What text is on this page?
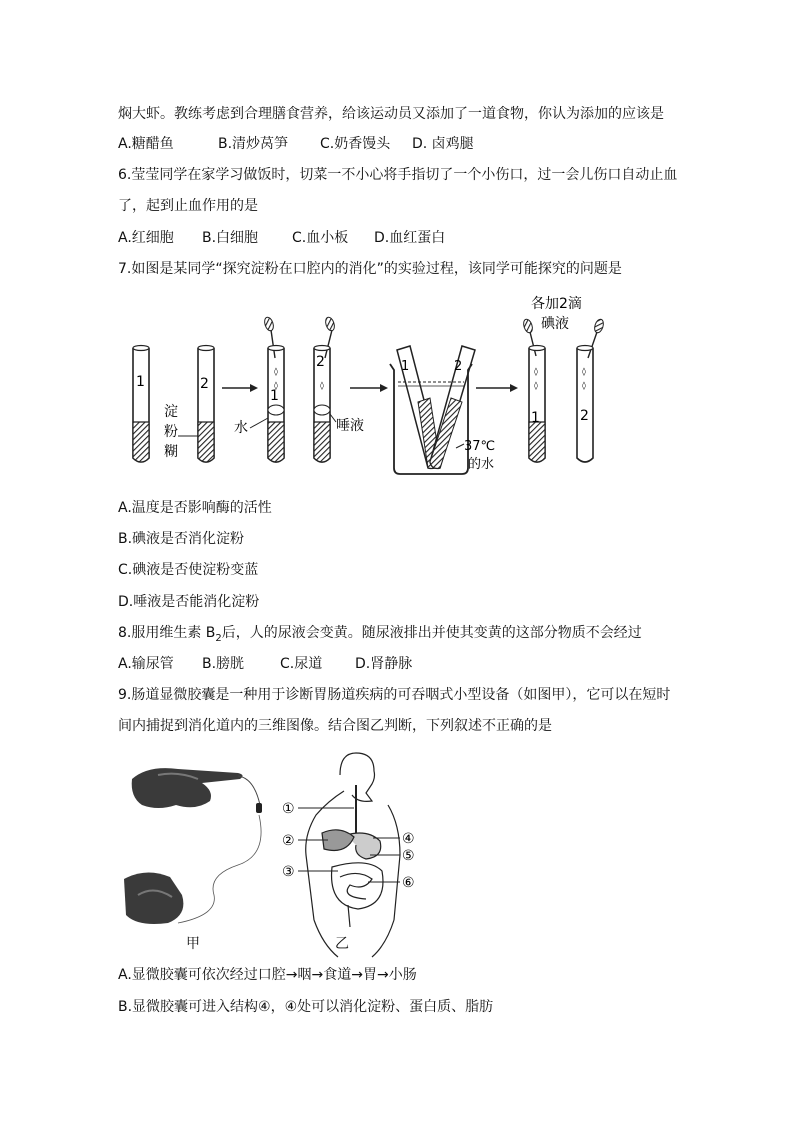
焖大虾。教练考虑到合理膳食营养，给该运动员又添加了一道食物，你认为添加的应该是
A.糖醋鱼	B.清炒莴笋 C.奶香馒头 D. 卤鸡腿
6.莹莹同学在家学习做饭时，切菜一不小心将手指切了一个小伤口，过一会儿伤口自动止血
了，起到止血作用的是
A.红细胞 B.白细胞 C.血小板 D.血红蛋白
7.如图是某同学“探究淀粉在口腔内的消化”的实验过程，该同学可能探究的问题是
1	2
淀
粉
糊
◊
◊
1
水
◊
2
唾液
1	2
37℃
的水
各加2滴
碘液
◊
◊
1
◊
◊
2
A.温度是否影响酶的活性
B.碘液是否消化淀粉
C.碘液是否使淀粉变蓝
D.唾液是否能消化淀粉
8.服用维生素 $B_2$后，人的尿液会变黄。随尿液排出并使其变黄的这部分物质不会经过
A.输尿管 B.膀胱	C.尿道 D.肾静脉
9.肠道显微胶囊是一种用于诊断胃肠道疾病的可吞咽式小型设备（如图甲），它可以在短时
间内捕捉到消化道内的三维图像。结合图乙判断，下列叙述不正确的是
①
②
③
④
⑤
⑥
甲	乙
A.显微胶囊可依次经过口腔→咽→食道→胃→小肠
B.显微胶囊可进入结构④，④处可以消化淀粉、蛋白质、脂肪
